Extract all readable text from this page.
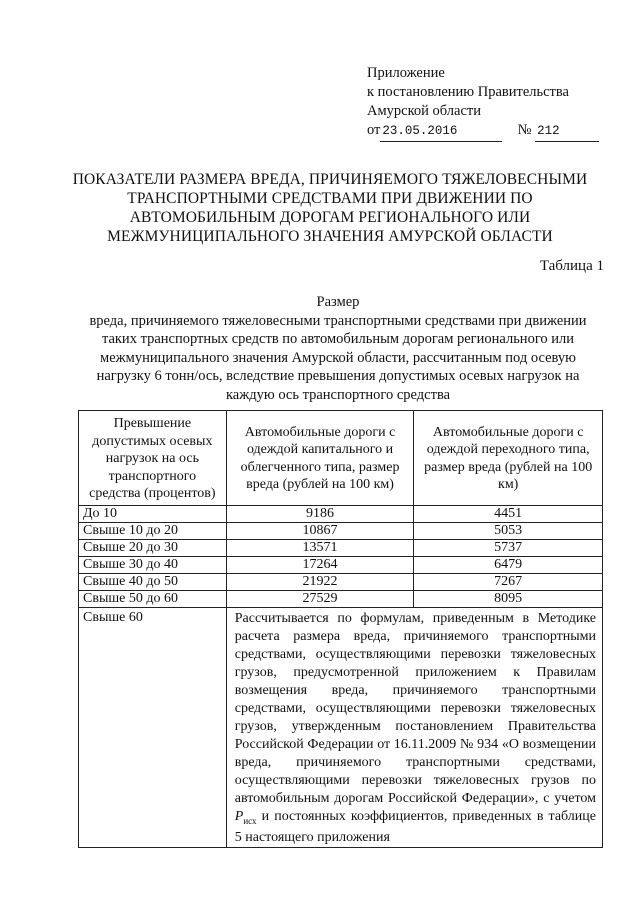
Приложение
к постановлению Правительства
Амурской области
от 23.05.2016	№ 212
ПОКАЗАТЕЛИ РАЗМЕРА ВРЕДА, ПРИЧИНЯЕМОГО ТЯЖЕЛОВЕСНЫМИ ТРАНСПОРТНЫМИ СРЕДСТВАМИ ПРИ ДВИЖЕНИИ ПО АВТОМОБИЛЬНЫМ ДОРОГАМ РЕГИОНАЛЬНОГО ИЛИ МЕЖМУНИЦИПАЛЬНОГО ЗНАЧЕНИЯ АМУРСКОЙ ОБЛАСТИ
Таблица 1
Размер
вреда, причиняемого тяжеловесными транспортными средствами при движении таких транспортных средств по автомобильным дорогам регионального или межмуниципального значения Амурской области, рассчитанным под осевую нагрузку 6 тонн/ось, вследствие превышения допустимых осевых нагрузок на каждую ось транспортного средства
Превышение допустимых осевых нагрузок на ось транспортного средства (процентов)	Автомобильные дороги с одеждой капитального и облегченного типа, размер вреда (рублей на 100 км)	Автомобильные дороги с одеждой переходного типа, размер вреда (рублей на 100 км)
До 10	9186	4451
Свыше 10 до 20	10867	5053
Свыше 20 до 30	13571	5737
Свыше 30 до 40	17264	6479
Свыше 40 до 50	21922	7267
Свыше 50 до 60	27529	8095
Свыше 60	Рассчитывается по формулам, приведенным в Методике расчета размера вреда, причиняемого транспортными средствами, осуществляющими перевозки тяжеловесных грузов, предусмотренной приложением к Правилам возмещения вреда, причиняемого транспортными средствами, осуществляющими перевозки тяжеловесных грузов, утвержденным постановлением Правительства Российской Федерации от 16.11.2009 № 934 «О возмещении вреда, причиняемого транспортными средствами, осуществляющими перевозки тяжеловесных грузов по автомобильным дорогам Российской Федерации», с учетом $P_{исх}$ и постоянных коэффициентов, приведенных в таблице 5 настоящего приложения	
